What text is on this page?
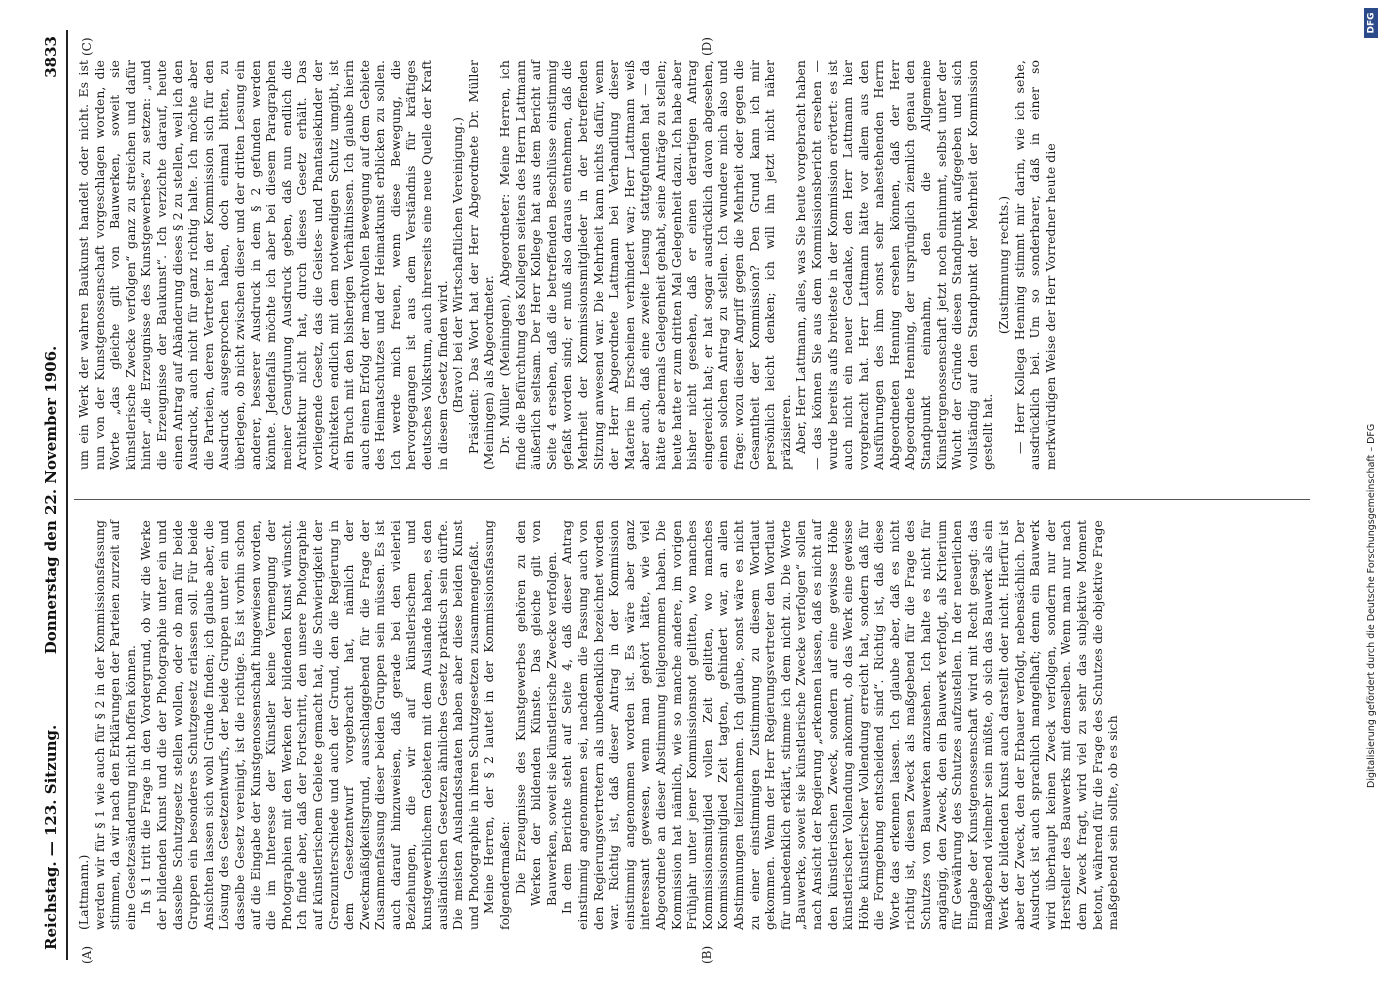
Reichstag. — 123. Sitzung.
Donnerstag den 22. November 1906.
3833
(A)	(B)
(C)	(D)

(Lattmann.) werden wir für § 1 wie auch für § 2 in der Kommissionsfassung stimmen, da wir nach den Erklärungen der Parteien zurzeit auf eine Gesetzesänderung nicht hoffen können. In § 1 tritt die Frage in den Vordergrund, ob wir die Werke der bildenden Kunst und die der Photographie unter ein und dasselbe Schutzgesetz stellen wollen, oder ob man für beide Gruppen ein besonderes Schutzgesetz erlassen soll. Für beide Ansichten lassen sich wohl Gründe finden; ich glaube aber, die Lösung des Gesetzentwurfs, der beide Gruppen unter ein und dasselbe Gesetz vereinigt, ist die richtige. Es ist vorhin schon auf die Eingabe der Kunstgenossenschaft hingewiesen worden, die im Interesse der Künstler keine Vermengung der Photographien mit den Werken der bildenden Kunst wünscht. Ich finde aber, daß der Fortschritt, den unsere Photographie auf künstlerischem Gebiete gemacht hat, die Schwierigkeit der Grenzunterschiede und auch der Grund, den die Regierung in dem Gesetzentwurf vorgebracht hat, nämlich der Zweckmäßigkeitsgrund, ausschlaggebend für die Frage der Zusammenfassung dieser beiden Gruppen sein müssen. Es ist auch darauf hinzuweisen, daß gerade bei den vielerlei Beziehungen, die wir auf künstlerischem und kunstgewerblichem Gebieten mit dem Auslande haben, es den ausländischen Gesetzen ähnliches Gesetz praktisch sein dürfte. Die meisten Auslandsstaaten haben aber diese beiden Kunst und Photographie in ihren Schutzgesetzen zusammengefaßt. Meine Herren, der § 2 lautet in der Kommissionsfassung folgendermaßen: Die Erzeugnisse des Kunstgewerbes gehören zu den Werken der bildenden Künste. Das gleiche gilt von Bauwerken, soweit sie künstlerische Zwecke verfolgen. In dem Berichte steht auf Seite 4, daß dieser Antrag einstimmig angenommen sei, nachdem die Fassung auch von den Regierungsvertretern als unbedenklich bezeichnet worden war. Richtig ist, daß dieser Antrag in der Kommission einstimmig angenommen worden ist. Es wäre aber ganz interessant gewesen, wenn man gehört hätte, wie viel Abgeordnete an dieser Abstimmung teilgenommen haben. Die Kommission hat nämlich, wie so manche andere, im vorigen Frühjahr unter jener Kommissionsnot gelitten, wo manches Kommissionsmitglied vollen Zeit gelitten, wo manches Kommissionsmitglied Zeit tagten, gehindert war, an allen Abstimmungen teilzunehmen. Ich glaube, sonst wäre es nicht zu einer einstimmigen Zustimmung zu diesem Wortlaut gekommen. Wenn der Herr Regierungsvertreter den Wortlaut für unbedenklich erklärt, stimme ich dem nicht zu. Die Worte „Bauwerke, soweit sie künstlerische Zwecke verfolgen“ sollen nach Ansicht der Regierung „erkennen lassen, daß es nicht auf den künstlerischen Zweck, sondern auf eine gewisse Höhe künstlerischer Vollendung ankommt, ob das Werk eine gewisse Höhe künstlerischer Vollendung erreicht hat, sondern daß für die Formgebung entscheidend sind“. Richtig ist, daß diese Worte das erkennen lassen. Ich glaube aber, daß es nicht richtig ist, diesen Zweck als maßgebend für die Frage des Schutzes von Bauwerken anzusehen. Ich halte es nicht für angängig, den Zweck, den ein Bauwerk verfolgt, als Kriterium für Gewährung des Schutzes aufzustellen. In der neuerlichen Eingabe der Kunstgenossenschaft wird mit Recht gesagt: das maßgebend vielmehr sein müßte, ob sich das Bauwerk als ein Werk der bildenden Kunst auch darstellt oder nicht. Hierfür ist aber der Zweck, den der Erbauer verfolgt, nebensächlich. Der Ausdruck ist auch sprachlich mangelhaft; denn ein Bauwerk wird überhaupt keinen Zweck verfolgen, sondern nur der Hersteller des Bauwerks mit demselben. Wenn man nur nach dem Zweck fragt, wird viel zu sehr das subjektive Moment betont, während für die Frage des Schutzes die objektive Frage maßgebend sein sollte, ob es sich

um ein Werk der wahren Baukunst handelt oder nicht. Es ist nun von der Kunstgenossenschaft vorgeschlagen worden, die Worte „das gleiche gilt von Bauwerken, soweit sie künstlerische Zwecke verfolgen“ ganz zu streichen und dafür hinter „die Erzeugnisse des Kunstgewerbes“ zu setzen: „und die Erzeugnisse der Baukunst“. Ich verzichte darauf, heute einen Antrag auf Abänderung dieses § 2 zu stellen, weil ich den Ausdruck, auch nicht für ganz richtig halte. Ich möchte aber die Parteien, deren Vertreter in der Kommission sich für den Ausdruck ausgesprochen haben, doch einmal bitten, zu überlegen, ob nicht zwischen dieser und der dritten Lesung ein anderer, besserer Ausdruck in dem § 2 gefunden werden könnte. Jedenfalls möchte ich aber bei diesem Paragraphen meiner Genugtuung Ausdruck geben, daß nun endlich die Architektur nicht hat, durch dieses Gesetz erhält. Das vorliegende Gesetz, das die Geistes- und Phantasiekinder der Architekten endlich mit dem notwendigen Schutz umgibt, ist ein Bruch mit den bisherigen Verhältnissen. Ich glaube hierin auch einen Erfolg der machtvollen Bewegung auf dem Gebiete des Heimatschutzes und der Heimatkunst erblicken zu sollen. Ich werde mich freuen, wenn diese Bewegung, die hervorgegangen ist aus dem Verständnis für kräftiges deutsches Volkstum, auch ihrerseits eine neue Quelle der Kraft in diesem Gesetz finden wird. (Bravo! bei der Wirtschaftlichen Vereinigung.) Präsident: Das Wort hat der Herr Abgeordnete Dr. Müller (Meiningen) als Abgeordneter. Dr. Müller (Meiningen), Abgeordneter: Meine Herren, ich finde die Befürchtung des Kollegen seitens des Herrn Lattmann äußerlich seltsam. Der Herr Kollege hat aus dem Bericht auf Seite 4 ersehen, daß die betreffenden Beschlüsse einstimmig gefaßt worden sind; er muß also daraus entnehmen, daß die Mehrheit der Kommissionsmitglieder in der betreffenden Sitzung anwesend war. Die Mehrheit kann nichts dafür, wenn der Herr Abgeordnete Lattmann bei Verhandlung dieser Materie im Erscheinen verhindert war; Herr Lattmann weiß aber auch, daß eine zweite Lesung stattgefunden hat — da hätte er abermals Gelegenheit gehabt, seine Anträge zu stellen; heute hatte er zum dritten Mal Gelegenheit dazu. Ich habe aber bisher nicht gesehen, daß er einen derartigen Antrag eingereicht hat; er hat sogar ausdrücklich davon abgesehen, einen solchen Antrag zu stellen. Ich wundere mich also und frage: wozu dieser Angriff gegen die Mehrheit oder gegen die Gesamtheit der Kommission? Den Grund kann ich mir persönlich leicht denken; ich will ihn jetzt nicht näher präzisieren. Aber, Herr Lattmann, alles, was Sie heute vorgebracht haben — das können Sie aus dem Kommissionsbericht ersehen — wurde bereits aufs breiteste in der Kommission erörtert: es ist auch nicht ein neuer Gedanke, den Herr Lattmann hier vorgebracht hat. Herr Lattmann hätte vor allem aus den Ausführungen des ihm sonst sehr nahestehenden Herrn Abgeordneten Henning ersehen können, daß der Herr Abgeordnete Henning, der ursprünglich ziemlich genau den Standpunkt einnahm, den die Allgemeine Künstlergenossenschaft jetzt noch einnimmt, selbst unter der Wucht der Gründe diesen Standpunkt aufgegeben und sich vollständig auf den Standpunkt der Mehrheit der Kommission gestellt hat.

(Zustimmung rechts.) — Herr Kollega Henning stimmt mir darin, wie ich sehe, ausdrücklich bei. Um so sonderbarer, daß in einer so merkwürdigen Weise der Herr Vorredner heute die

DFG
Digitalisierung gefördert durch die Deutsche Forschungsgemeinschaft – DFG
